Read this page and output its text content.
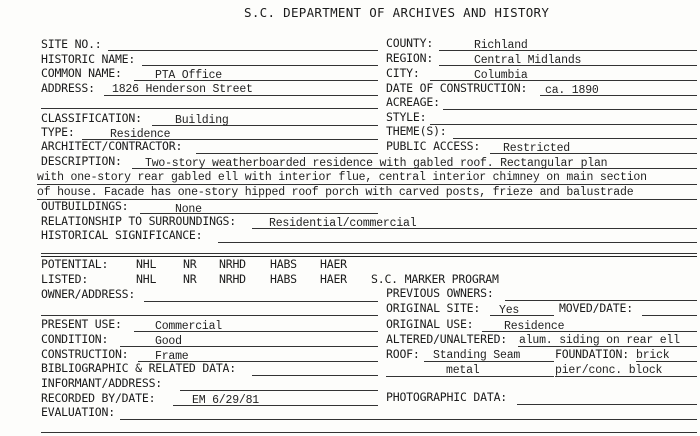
S.C. DEPARTMENT OF ARCHIVES AND HISTORY
SITE NO.:	COUNTY:	Richland
HISTORIC NAME:	REGION:	Central Midlands
COMMON NAME:	PTA Office	CITY:	Columbia
ADDRESS: 1826 Henderson Street	DATE OF CONSTRUCTION: ca. 1890
ACREAGE:
CLASSIFICATION:	Building	STYLE:
TYPE:	Residence	THEME(S):
ARCHITECT/CONTRACTOR:	PUBLIC ACCESS: Restricted
DESCRIPTION: Two-story weatherboarded residence with gabled roof. Rectangular plan
with one-story rear gabled ell with interior flue, central interior chimney on main section
of house. Facade has one-story hipped roof porch with carved posts, frieze and balustrade
OUTBUILDINGS:	None
RELATIONSHIP TO SURROUNDINGS:	Residential/commercial
HISTORICAL SIGNIFICANCE:
POTENTIAL: NHL NR NRHD HABS HAER
LISTED:	NHL NR NRHD HABS HAER S.C. MARKER PROGRAM
OWNER/ADDRESS:	PREVIOUS OWNERS:
ORIGINAL SITE: Yes	MOVED/DATE:
PRESENT USE:	Commercial	ORIGINAL USE:	Residence
CONDITION:	Good	ALTERED/UNALTERED: alum. siding on rear ell
CONSTRUCTION: Frame	ROOF: Standing Seam	FOUNDATION: brick
BIBLIOGRAPHIC & RELATED DATA:	metal	pier/conc. block
INFORMANT/ADDRESS:
RECORDED BY/DATE:	EM 6/29/81	PHOTOGRAPHIC DATA:
EVALUATION:
